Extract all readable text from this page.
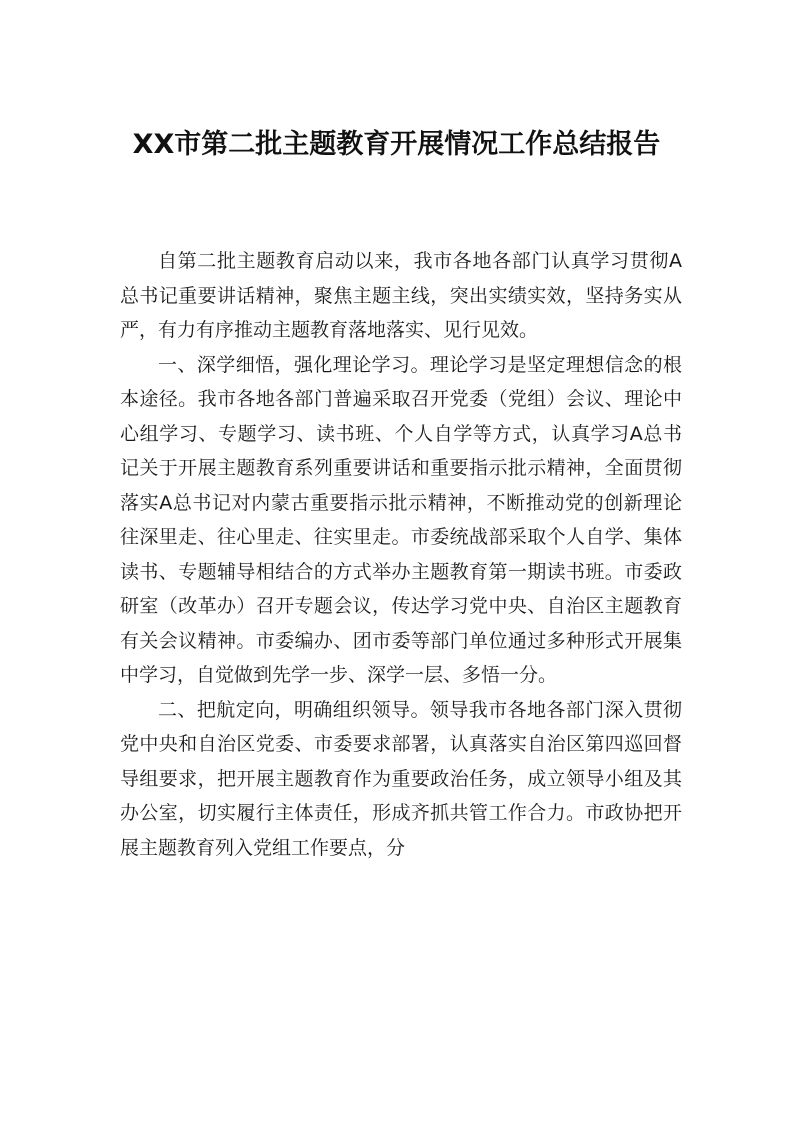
XX市第二批主题教育开展情况工作总结报告

自第二批主题教育启动以来，我市各地各部门认真学习贯彻A总书记重要讲话精神，聚焦主题主线，突出实绩实效，坚持务实从严，有力有序推动主题教育落地落实、见行见效。

一、深学细悟，强化理论学习。理论学习是坚定理想信念的根本途径。我市各地各部门普遍采取召开党委（党组）会议、理论中心组学习、专题学习、读书班、个人自学等方式，认真学习A总书记关于开展主题教育系列重要讲话和重要指示批示精神，全面贯彻落实A总书记对内蒙古重要指示批示精神，不断推动党的创新理论往深里走、往心里走、往实里走。市委统战部采取个人自学、集体读书、专题辅导相结合的方式举办主题教育第一期读书班。市委政研室（改革办）召开专题会议，传达学习党中央、自治区主题教育有关会议精神。市委编办、团市委等部门单位通过多种形式开展集中学习，自觉做到先学一步、深学一层、多悟一分。

二、把航定向，明确组织领导。领导我市各地各部门深入贯彻党中央和自治区党委、市委要求部署，认真落实自治区第四巡回督导组要求，把开展主题教育作为重要政治任务，成立领导小组及其办公室，切实履行主体责任，形成齐抓共管工作合力。市政协把开展主题教育列入党组工作要点，分
